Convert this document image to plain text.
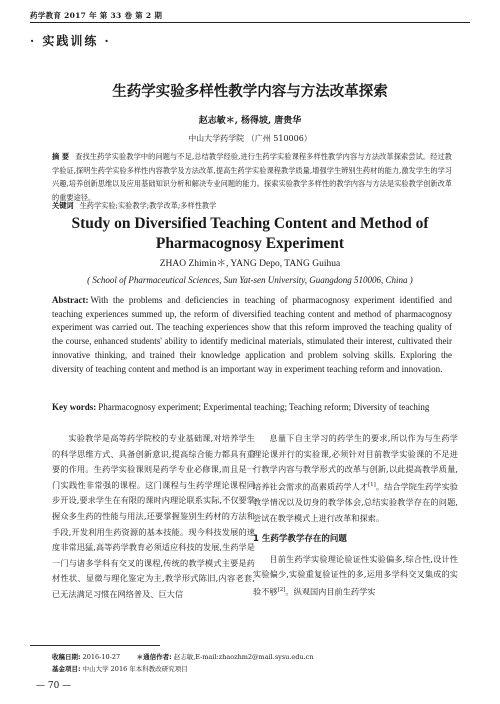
药学教育 2017 年 第 33 卷 第 2 期
· 实践训练 ·
生药学实验多样性教学内容与方法改革探索
赵志敏＊, 杨得坡, 唐贵华
中山大学药学院 （广州 510006）
摘 要 查找生药学实验教学中的问题与不足,总结教学经验,进行生药学实验课程多样性教学内容与方法改革探索尝试。经过教学验证,探明生药学实验多样性内容教学及方法改革,提高生药学实验课程教学质量,增强学生辨别生药材的能力,激发学生的学习兴趣,培养创新思维以及应用基础知识分析和解决专业问题的能力。探索实验教学多样性的教学内容与方法是实验教学创新改革的重要途径。
关键词 生药学实验;实验教学;教学改革;多样性教学
Study on Diversified Teaching Content and Method of
Pharmacognosy Experiment
ZHAO Zhimin＊, YANG Depo, TANG Guihua
( School of Pharmaceutical Sciences, Sun Yat-sen University, Guangdong 510006, China )
Abstract: With the problems and deficiencies in teaching of pharmacognosy experiment identified and teaching experiences summed up, the reform of diversified teaching content and method of pharmacognosy experiment was carried out. The teaching experiences show that this reform improved the teaching quality of the course, enhanced students' ability to identify medicinal materials, stimulated their interest, cultivated their innovative thinking, and trained their knowledge application and problem solving skills. Exploring the diversity of teaching content and method is an important way in experiment teaching reform and innovation.
Key words: Pharmacognosy experiment; Experimental teaching; Teaching reform; Diversity of teaching

实验教学是高等药学院校的专业基础课,对培养学生的科学思维方式、具备创新意识,提高综合能力都具有重要的作用。生药学实验课则是药学专业必修课,而且是一门实践性非常强的课程。这门课程与生药学理论课程同步开设,要求学生在有限的课时内理论联系实际,不仅要掌握众多生药的性能与用法,还要掌握鉴别生药材的方法和手段,开发利用生药资源的基本技能。现今科技发展的速度非常迅猛,高等药学教育必须适应科技的发展,生药学是一门与诸多学科有交叉的课程,传统的教学模式主要是药材性状、显微与理化鉴定为主,教学形式陈旧,内容老套,已无法满足习惯在网络普及、巨大信

息量下自主学习的药学生的要求,所以作为与生药学理论课并行的实验课,必须针对目前教学实验课的不足进行教学内容与教学形式的改革与创新,以此提高教学质量,培养社会需求的高素质药学人才[1]。结合学院生药学实验教学情况以及切身的教学体会,总结实验教学存在的问题,尝试在教学模式上进行改革和探索。

1 生药学教学存在的问题

目前生药学实验理论验证性实验偏多,综合性,设计性实验偏少,实验重复验证性的多,运用多学科交叉集成的实验不够[2]。纵观国内目前生药学实

收稿日期: 2016-10-27	＊通信作者: 赵志敏,E-mail:zhaozhm2@mail.sysu.edu.cn
基金项目: 中山大学 2016 年本科教改研究项目
— 70 —
